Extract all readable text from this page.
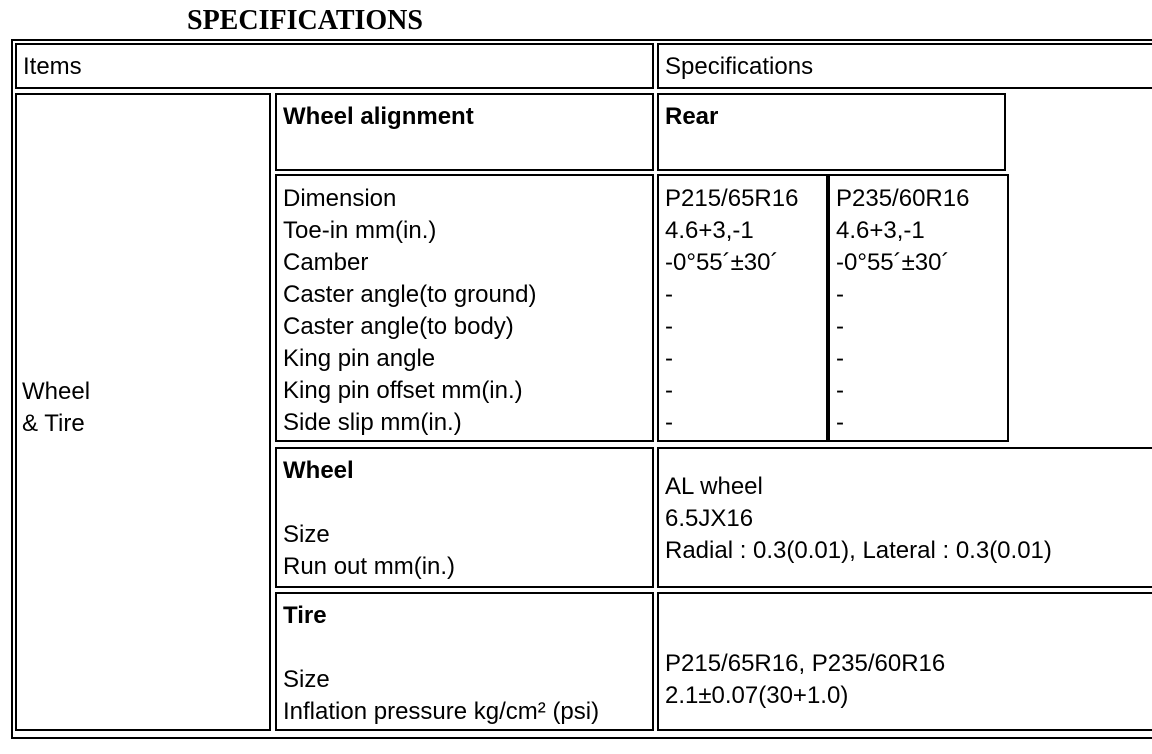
SPECIFICATIONS
Items	Specifications
Wheel
& Tire
Wheel alignment	Rear
Dimension
Toe-in mm(in.)
Camber
Caster angle(to ground)
Caster angle(to body)
King pin angle
King pin offset mm(in.)
Side slip mm(in.)
P215/65R16
4.6+3,-1
-0°55´±30´
-
-
-
-
-
P235/60R16
4.6+3,-1
-0°55´±30´
-
-
-
-
-
Wheel
Size
Run out mm(in.)
AL wheel
6.5JX16
Radial : 0.3(0.01), Lateral : 0.3(0.01)
Tire
Size
Inflation pressure kg/cm² (psi)
P215/65R16, P235/60R16
2.1±0.07(30+1.0)
